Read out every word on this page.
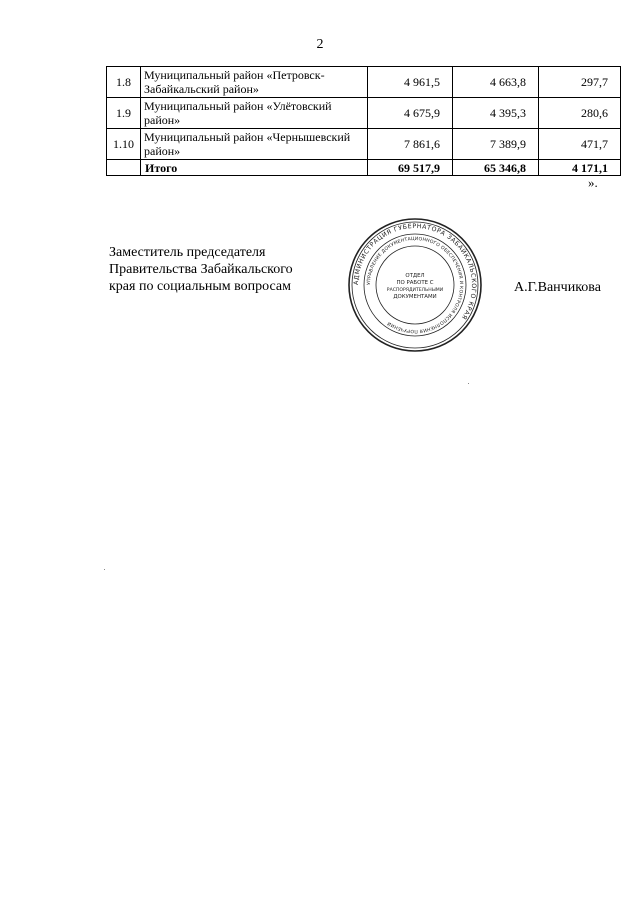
2
1.8	Муниципальный район «Петровск-Забайкальский район»	4 961,5	4 663,8	297,7
1.9	Муниципальный район «Улётовский район»	4 675,9	4 395,3	280,6
1.10	Муниципальный район «Чернышевский район»	7 861,6	7 389,9	471,7
	Итого	69 517,9	65 346,8	4 171,1
».
Заместитель председателя
Правительства Забайкальского
края по социальным вопросам	А.Г.Ванчикова
АДМИНИСТРАЦИЯ ГУБЕРНАТОРА ЗАБАЙКАЛЬСКОГО КРАЯ
УПРАВЛЕНИЕ ДОКУМЕНТАЦИОННОГО ОБЕСПЕЧЕНИЯ И КОНТРОЛЯ ИСПОЛНЕНИЯ ПОРУЧЕНИЙ
ОТДЕЛ
ПО РАБОТЕ С
РАСПОРЯДИТЕЛЬНЫМИ
ДОКУМЕНТАМИ
